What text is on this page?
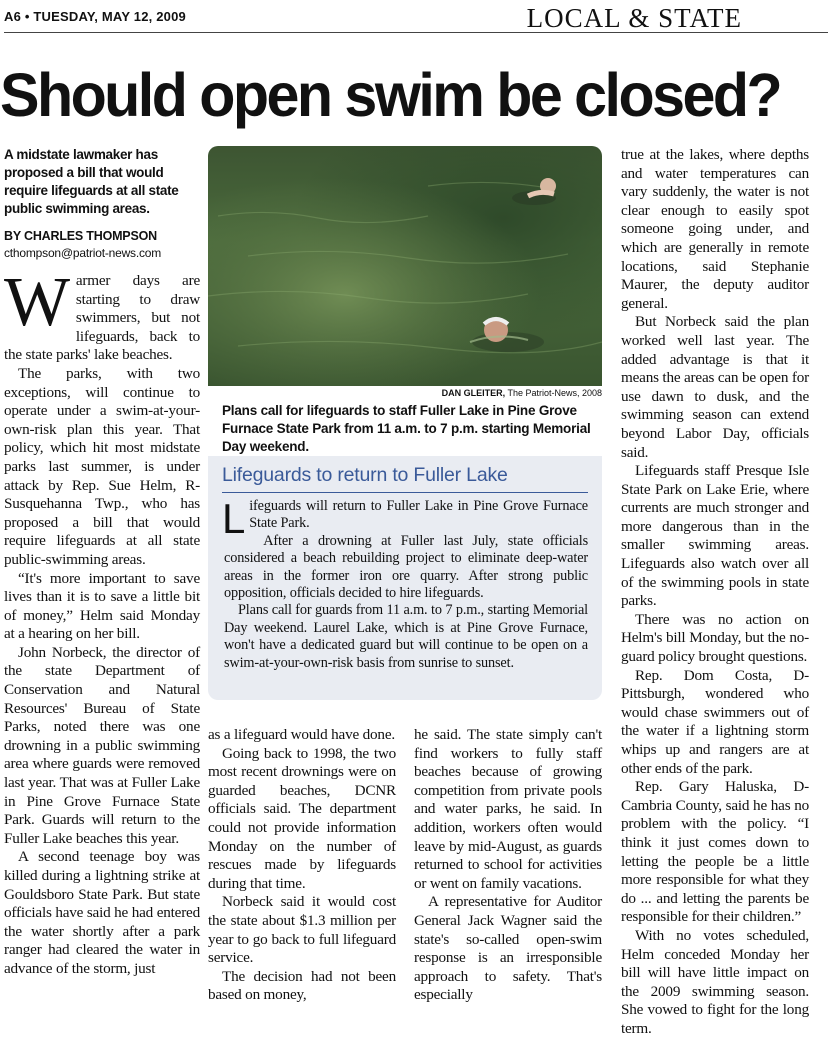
A6 • TUESDAY, MAY 12, 2009	LOCAL & STATE
Should open swim be closed?
A midstate lawmaker has proposed a bill that would require lifeguards at all state public swimming areas.
BY CHARLES THOMPSON
cthompson@patriot-news.com

Warmer days are starting to draw swimmers, but not lifeguards, back to the state parks' lake beaches.

The parks, with two exceptions, will continue to operate under a swim-at-your-own-risk plan this year. That policy, which hit most midstate parks last summer, is under attack by Rep. Sue Helm, R-Susquehanna Twp., who has proposed a bill that would require lifeguards at all state public-swimming areas.

“It's more important to save lives than it is to save a little bit of money,” Helm said Monday at a hearing on her bill.

John Norbeck, the director of the state Department of Conservation and Natural Resources' Bureau of State Parks, noted there was one drowning in a public swimming area where guards were removed last year. That was at Fuller Lake in Pine Grove Furnace State Park. Guards will return to the Fuller Lake beaches this year.

A second teenage boy was killed during a lightning strike at Gouldsboro State Park. But state officials have said he had entered the water shortly after a park ranger had cleared the water in advance of the storm, just

DAN GLEITER, The Patriot-News, 2008
Plans call for lifeguards to staff Fuller Lake in Pine Grove Furnace State Park from 11 a.m. to 7 p.m. starting Memorial Day weekend.
Lifeguards to return to Fuller Lake

Lifeguards will return to Fuller Lake in Pine Grove Furnace State Park.

After a drowning at Fuller last July, state officials considered a beach rebuilding project to eliminate deep-water areas in the former iron ore quarry. After strong public opposition, officials decided to hire lifeguards.

Plans call for guards from 11 a.m. to 7 p.m., starting Memorial Day weekend. Laurel Lake, which is at Pine Grove Furnace, won't have a dedicated guard but will continue to be open on a swim-at-your-own-risk basis from sunrise to sunset.

as a lifeguard would have done.

Going back to 1998, the two most recent drownings were on guarded beaches, DCNR officials said. The department could not provide information Monday on the number of rescues made by lifeguards during that time.

Norbeck said it would cost the state about $1.3 million per year to go back to full lifeguard service.

The decision had not been based on money,

he said. The state simply can't find workers to fully staff beaches because of growing competition from private pools and water parks, he said. In addition, workers often would leave by mid-August, as guards returned to school for activities or went on family vacations.

A representative for Auditor General Jack Wagner said the state's so-called open-swim response is an irresponsible approach to safety. That's especially

true at the lakes, where depths and water temperatures can vary suddenly, the water is not clear enough to easily spot someone going under, and which are generally in remote locations, said Stephanie Maurer, the deputy auditor general.

But Norbeck said the plan worked well last year. The added advantage is that it means the areas can be open for use dawn to dusk, and the swimming season can extend beyond Labor Day, officials said.

Lifeguards staff Presque Isle State Park on Lake Erie, where currents are much stronger and more dangerous than in the smaller swimming areas. Lifeguards also watch over all of the swimming pools in state parks.

There was no action on Helm's bill Monday, but the no-guard policy brought questions.

Rep. Dom Costa, D-Pittsburgh, wondered who would chase swimmers out of the water if a lightning storm whips up and rangers are at other ends of the park.

Rep. Gary Haluska, D-Cambria County, said he has no problem with the policy. “I think it just comes down to letting the people be a little more responsible for what they do ... and letting the parents be responsible for their children.”

With no votes scheduled, Helm conceded Monday her bill will have little impact on the 2009 swimming season. She vowed to fight for the long term.
